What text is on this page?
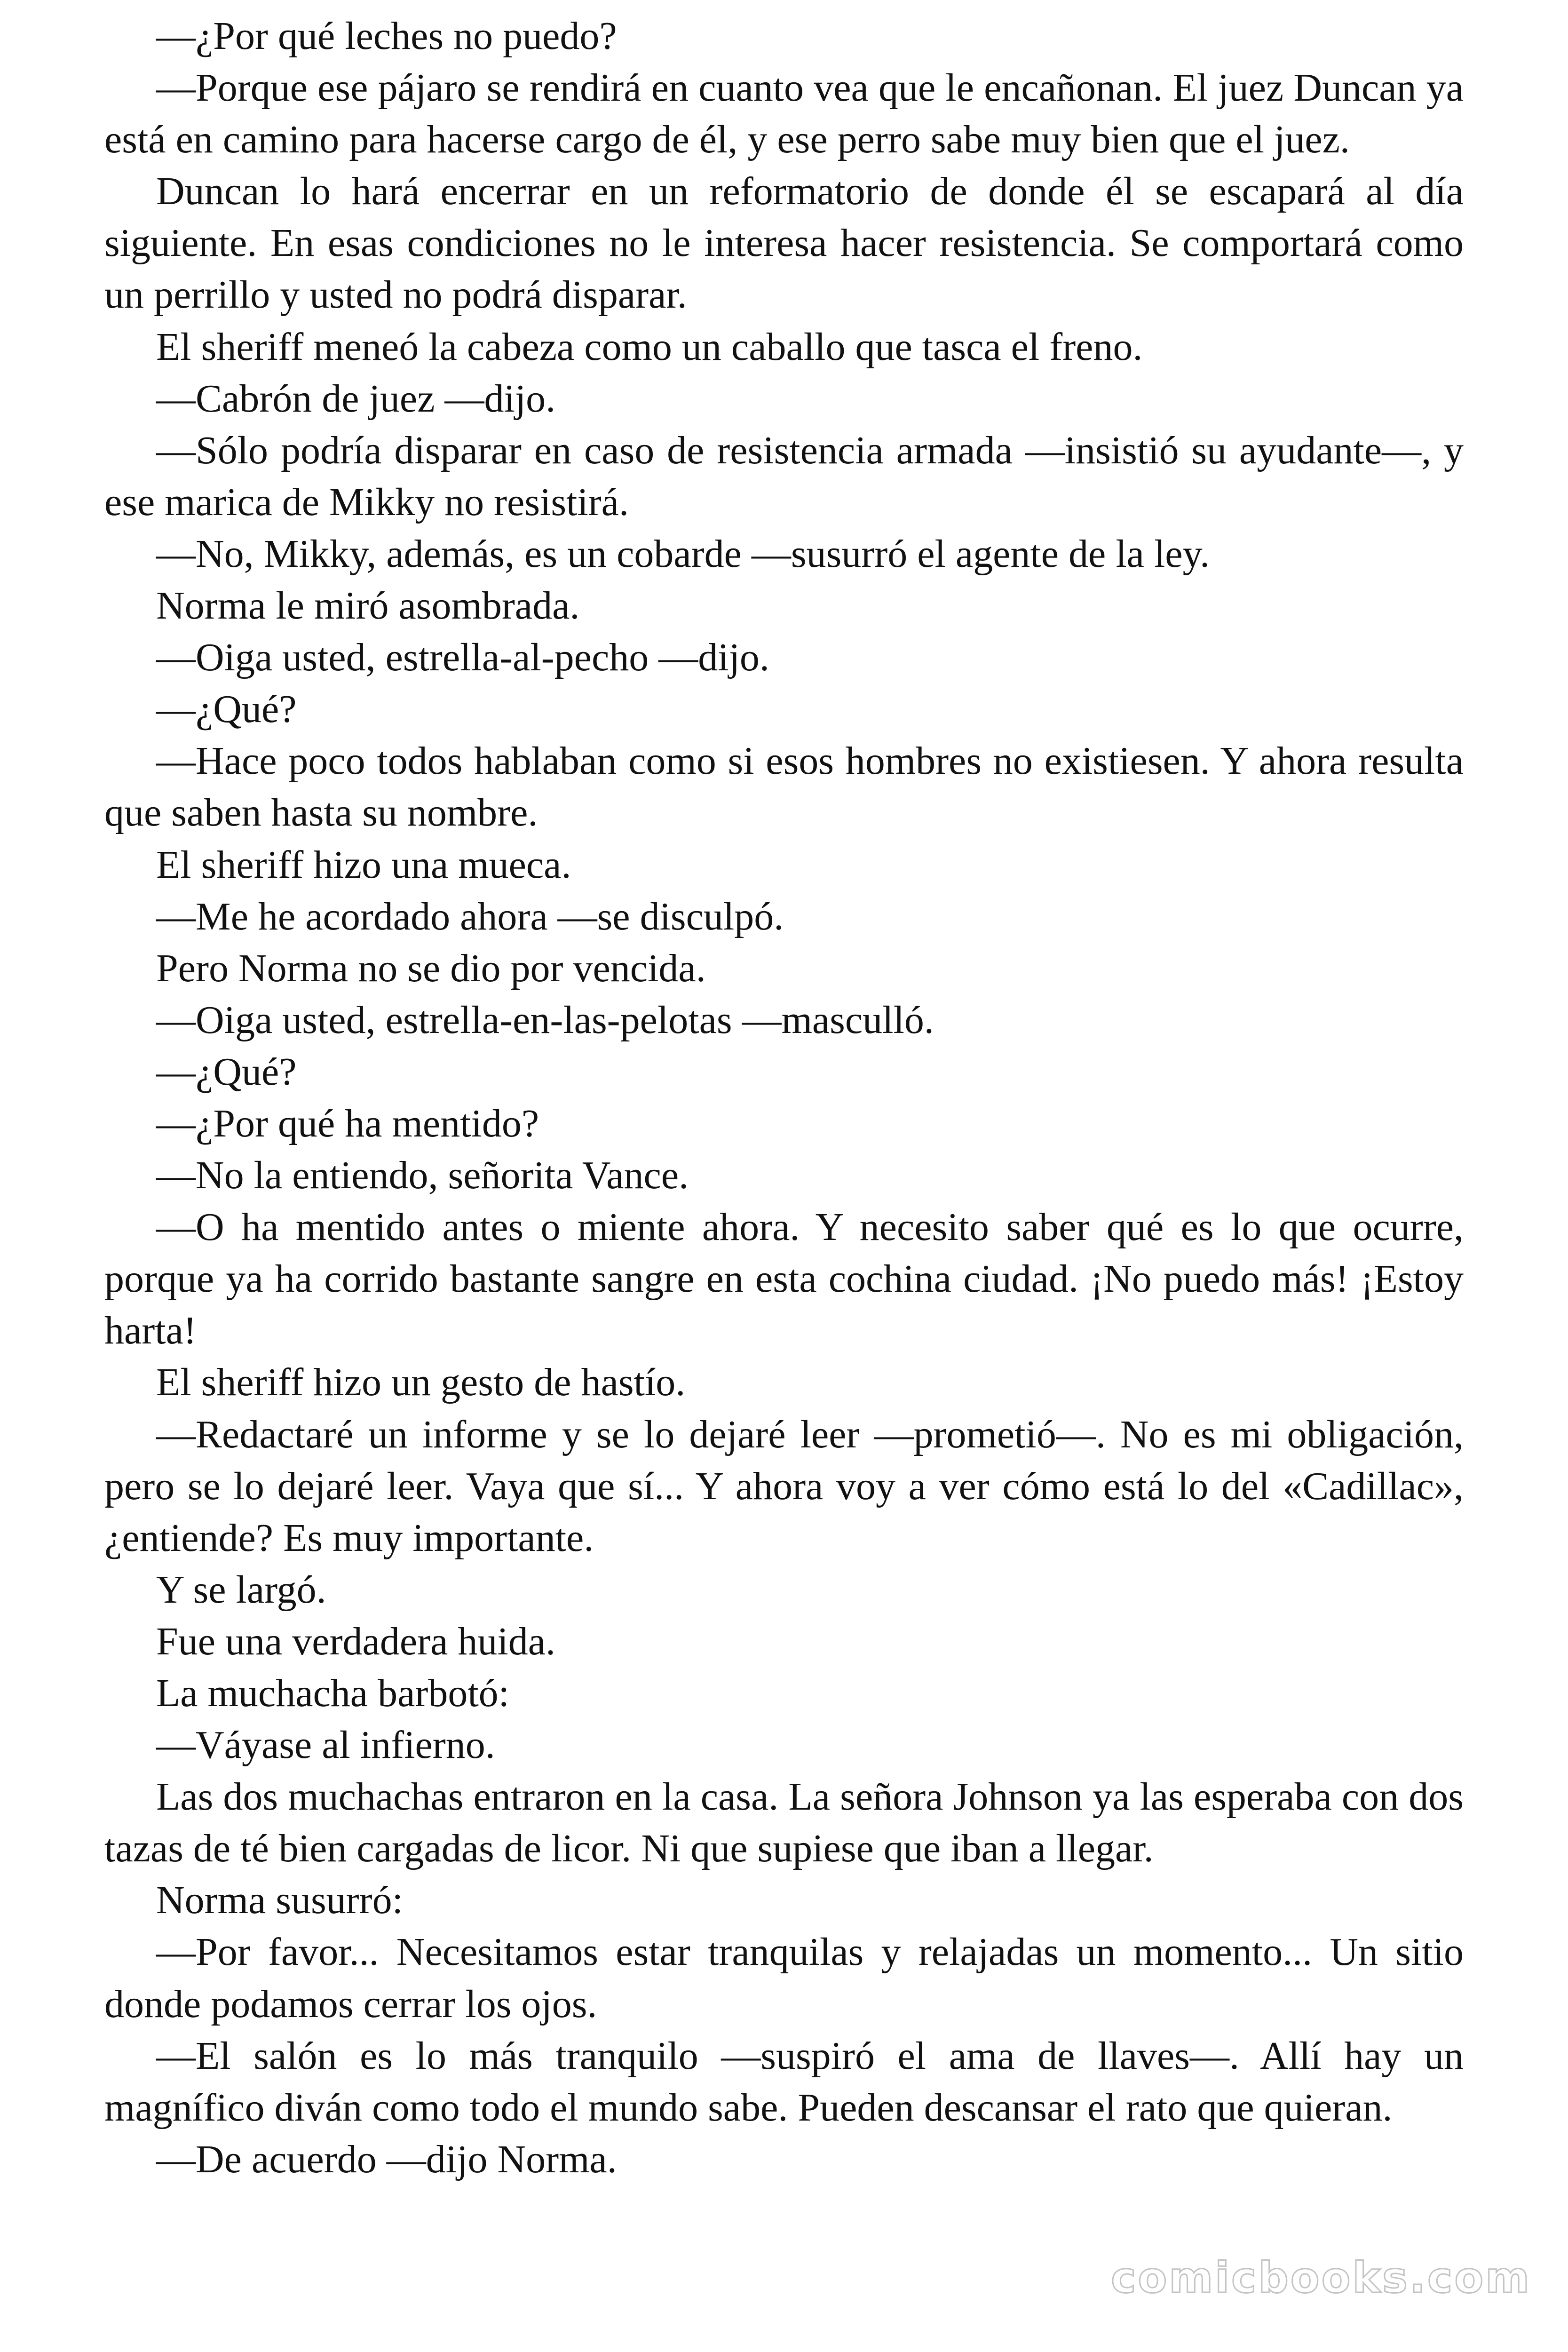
—¿Por qué leches no puedo?

—Porque ese pájaro se rendirá en cuanto vea que le encañonan. El juez Duncan ya está en camino para hacerse cargo de él, y ese perro sabe muy bien que el juez.

Duncan lo hará encerrar en un reformatorio de donde él se escapará al día siguiente. En esas condiciones no le interesa hacer resistencia. Se comportará como un perrillo y usted no podrá disparar.

El sheriff meneó la cabeza como un caballo que tasca el freno.

—Cabrón de juez —dijo.

—Sólo podría disparar en caso de resistencia armada —insistió su ayudante—, y ese marica de Mikky no resistirá.

—No, Mikky, además, es un cobarde —susurró el agente de la ley.

Norma le miró asombrada.

—Oiga usted, estrella-al-pecho —dijo.

—¿Qué?

—Hace poco todos hablaban como si esos hombres no existiesen. Y ahora resulta que saben hasta su nombre.

El sheriff hizo una mueca.

—Me he acordado ahora —se disculpó.

Pero Norma no se dio por vencida.

—Oiga usted, estrella-en-las-pelotas —masculló.

—¿Qué?

—¿Por qué ha mentido?

—No la entiendo, señorita Vance.

—O ha mentido antes o miente ahora. Y necesito saber qué es lo que ocurre, porque ya ha corrido bastante sangre en esta cochina ciudad. ¡No puedo más! ¡Estoy harta!

El sheriff hizo un gesto de hastío.

—Redactaré un informe y se lo dejaré leer —prometió—. No es mi obligación, pero se lo dejaré leer. Vaya que sí... Y ahora voy a ver cómo está lo del «Cadillac», ¿entiende? Es muy importante.

Y se largó.

Fue una verdadera huida.

La muchacha barbotó:

—Váyase al infierno.

Las dos muchachas entraron en la casa. La señora Johnson ya las esperaba con dos tazas de té bien cargadas de licor. Ni que supiese que iban a llegar.

Norma susurró:

—Por favor... Necesitamos estar tranquilas y relajadas un momento... Un sitio donde podamos cerrar los ojos.

—El salón es lo más tranquilo —suspiró el ama de llaves—. Allí hay un magnífico diván como todo el mundo sabe. Pueden descansar el rato que quieran.

—De acuerdo —dijo Norma.

comicbooks.com
